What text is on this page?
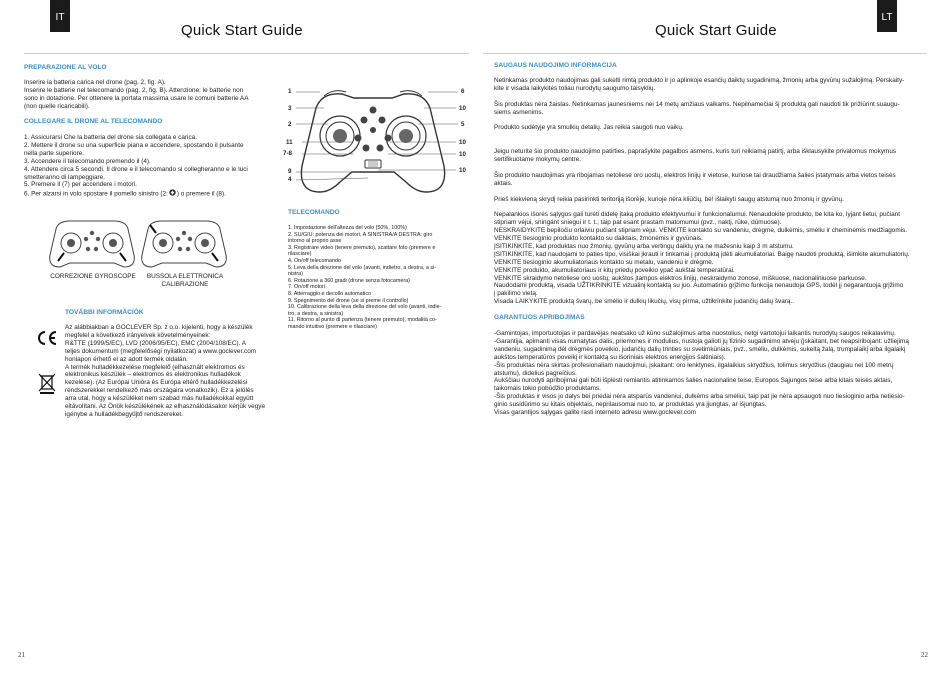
IT
Quick Start Guide
PREPARAZIONE AL VOLO

Inserire la batteria carica nel drone (pag. 2, fig. A).

Inserire le batterie nel telecomando (pag. 2, fig. B). Attenzione: le batterie non

sono in dotazione. Per ottenere la portata massima usare le comuni batterie AA

(non quelle ricaricabili).

COLLEGARE IL DRONE AL TELECOMANDO

1. Assicurarsi Che la batteria del drone sia collegata e carica.

2. Mettere il drone su una superficie piana e accendere, spostando il pulsante

nella parte superiore.

3. Accendere il telecomando premendo il (4).

4. Attendere circa 5 secondi. Il drone e il telecomando si collegheranno e le luci

smetteranno di lampeggiare.

5. Premere il (7) per accendere i motori.

6. Per alzarsi in volo spostare il pomello sinistro (2: ) o premere il (8).

CORREZIONE GYROSCOPE	BUSSOLA ELETTRONICA
CALIBRAZIONE
1
3
2
11
7-8
9
4
6
10
5
10
10
10
TELECOMANDO

1. Impostazione dell'altezza del volo (50%, 100%)

2. SU/GIU: potenza dei motori, A SINISTRA/A DESTRA: giro

intorno al proprio asse

3. Registrare video (tenere premuto), scattare foto (premere e

rilasciare)

4. On/off telecomando

5. Leva della direzione del volo (avanti, indietro, a destra, a si-

nistra)

6. Rotazione a 360 gradi (drone senza fotocamera)

7. On/off motori

8. Atterraggio e decollo automatico

9. Spegnimento del drone (se si preme il controllo)

10. Calibrazione della leva della direzione del volo (avanti, indie-

tro, a destra, a sinistra)

11. Ritorno al punto di partenza (tenere premuto), modalità co-

mando intuitivo (premere e rilasciare)

TOVÁBBI INFORMÁCIÓK

Az alábbiakban a GOCLEVER Sp. z o.o. kijelenti, hogy a készülék

megfelel a következő irányelvek követelményeinek:

R&TTE (1999/5/EC), LVD (2006/95/EC), EMC (2004/108/EC). A

teljes dokumentum (megfelelőségi nyilatkozat) a www.goclever.com

honlapon érhető el az adott termék oldalán.

A termék hulladékkezelése megfelelő (elhasznált elektromos és

elektronikus készülék – elektromos és elektronikus hulladékok

kezelése). (Az Európai Unióra és Európa eltérő hulladékkezelési

rendszerekkel rendelkező más országaira vonatkozik). Ez a jelölés

arra utal, hogy a készüléket nem szabad más hulladékokkal együtt

eltávolítani. Az Önök készülékének az elhasználódásakor kérjük vegye

igénybe a hulladékbegyűjtő rendszereket.

21
LT
Quick Start Guide
SAUGAUS NAUDOJIMO INFORMACIJA

Netinkamas produkto naudojimas gali sukelti rimtą produkto ir jo aplinkoje esančių daiktų sugadinimą, žmonių arba gyvūnų sužalojimą. Perskaity-

kite ir visada laikykitės toliau nurodytų saugumo taisyklių.

Šis produktas nėra žaislas. Netinkamas jaunesniems nei 14 metų amžiaus vaikams. Nepilnamečiai šį produktą gali naudoti tik prižiūrint suaugu-

siems asmenims.

Produkto sudėtyje yra smulkių detalių. Jas reikia saugoti nuo vaikų.

Jeigu neturite šio produkto naudojimo patirties, paprašykite pagalbos asmens, kuris turi reikiamą patirtį, arba išklausykite privalomus mokymus

sertifikuotame mokymų centre.

Šio produkto naudojimas yra ribojamas netoliese oro uostų, elektros linijų ir vietose, kuriose tai draudžiama šalies įstatymais arba vietos teisės

aktais.

Prieš kiekvieną skrydį reikia pasirinkti teritoriją išorėje, kurioje nėra kliūčių, be! išlaikyti saugų atstumą nuo žmonių ir gyvūnų.

Nepalankios išorės sąlygos gali turėti didelę įtaką produkto efektyvumui ir funkcionalumui. Nenaudokite produkto, be kita ko, lyjant lietui, pučiant

stipriam vėjui, sningánt sniegui ir t. t., taip pat esant prastam matomumui (pvz., naktį, rūke, dūmuose).

NESKRAIDYKITE bepiločiu orlaiviu pučiant stipriam vėjui. VENKITE kontakto su vandeniu, drėgme, dulkėmis, smėliu ir cheminėmis medžiagomis.

VENKITE tiesioginio produkto kontakto su daiktais, žmonėmis ir gyvūnais.

ĮSITIKINKITE, kad produktas nuo žmonių, gyvūnų arba vertingų daiktų yra ne mažesniu kaip 3 m atstumu.

ĮSITIKINKITE, kad naudojami to paties tipo, visiškai įkrauti ir tinkamai į produktą įdėti akumuliatoriai. Baigę naudoti produktą, išimkite akumuliatorių.

VENKITE tiesioginio akumuliatoriaus kontakto su metalu, vandeniu ir drėgme.

VENKITE produkto, akumuliatoriaus ir kitų priedų poveikio ypač aukštai temperatūrai.

VENKITE skraidymo netoliese oro uostų, aukštos įtampos elektros linijų, neskraidymo zonose, miškuose, nacionaliniuose parkuose.

Naudodami produktą, visada UŽTIKRINKITE vizualinį kontaktą su juo. Automatinio grįžimo funkcija nenaudoja GPS, todėl jį negarantuoja grįžimo

į pakilimo vietą.

Visada LAIKYKITE produktą švarų, be smėlio ir dulkių likučių, visų pirma, užtikrinkite judančių dalių švarą..

GARANTIJOS APRIBOJIMAS

-Gamintojas, importuotojas ir pardavėjas neatsako už kūno sužalojimus arba nuostolius, netgi vartotojui laikantis nurodytų saugos reikalavimų.

-Garantija, apimanti visas numatytas dalis, priemones ir modulius, nustoja galioti jų fizinio sugadinimo atveju (įskaitant, bet neapsiribojant: užliejimą

vandeniu, sugadinimą dėl drėgmės poveikio, judančių dalių trinties su svetimkūniais, pvz., smėliu, dulkėmis, sukeltą žalą, trumpalaikį arba ilgalaikį

aukštos temperatūros poveikį ir kontaktą su išoriniais elektros energijos šaltiniais).

-Šis produktas nėra skirtas profesionaliam naudojimui, įskaitant: oro lenktynes, ilgalaikius skrydžius, tolimus skrydžius (daugiau nei 100 metrų

atstumu), didelius pagreičius.

Aukščiau nurodyti apribojimai gali būti išplėsti remiantis atitinkamos šalies nacionaline teise, Europos Sąjungos teise arba kitais teisės aktais,

taikomais tokio pobūdžio produktams.

-Šis produktas ir visos jo dalys bei priedai nėra atsparūs vandeniui, dulkėms arba smėliui, taip pat jie nėra apsaugoti nuo tiesioginio arba netiesio-

ginio susidūrimo su kitais objektais, neprilausomai nuo to, ar produktas yra įjungtas, ar išjungtas.

Visas garantijos sąlygas galite rasti interneto adresu www.goclever.com

22
